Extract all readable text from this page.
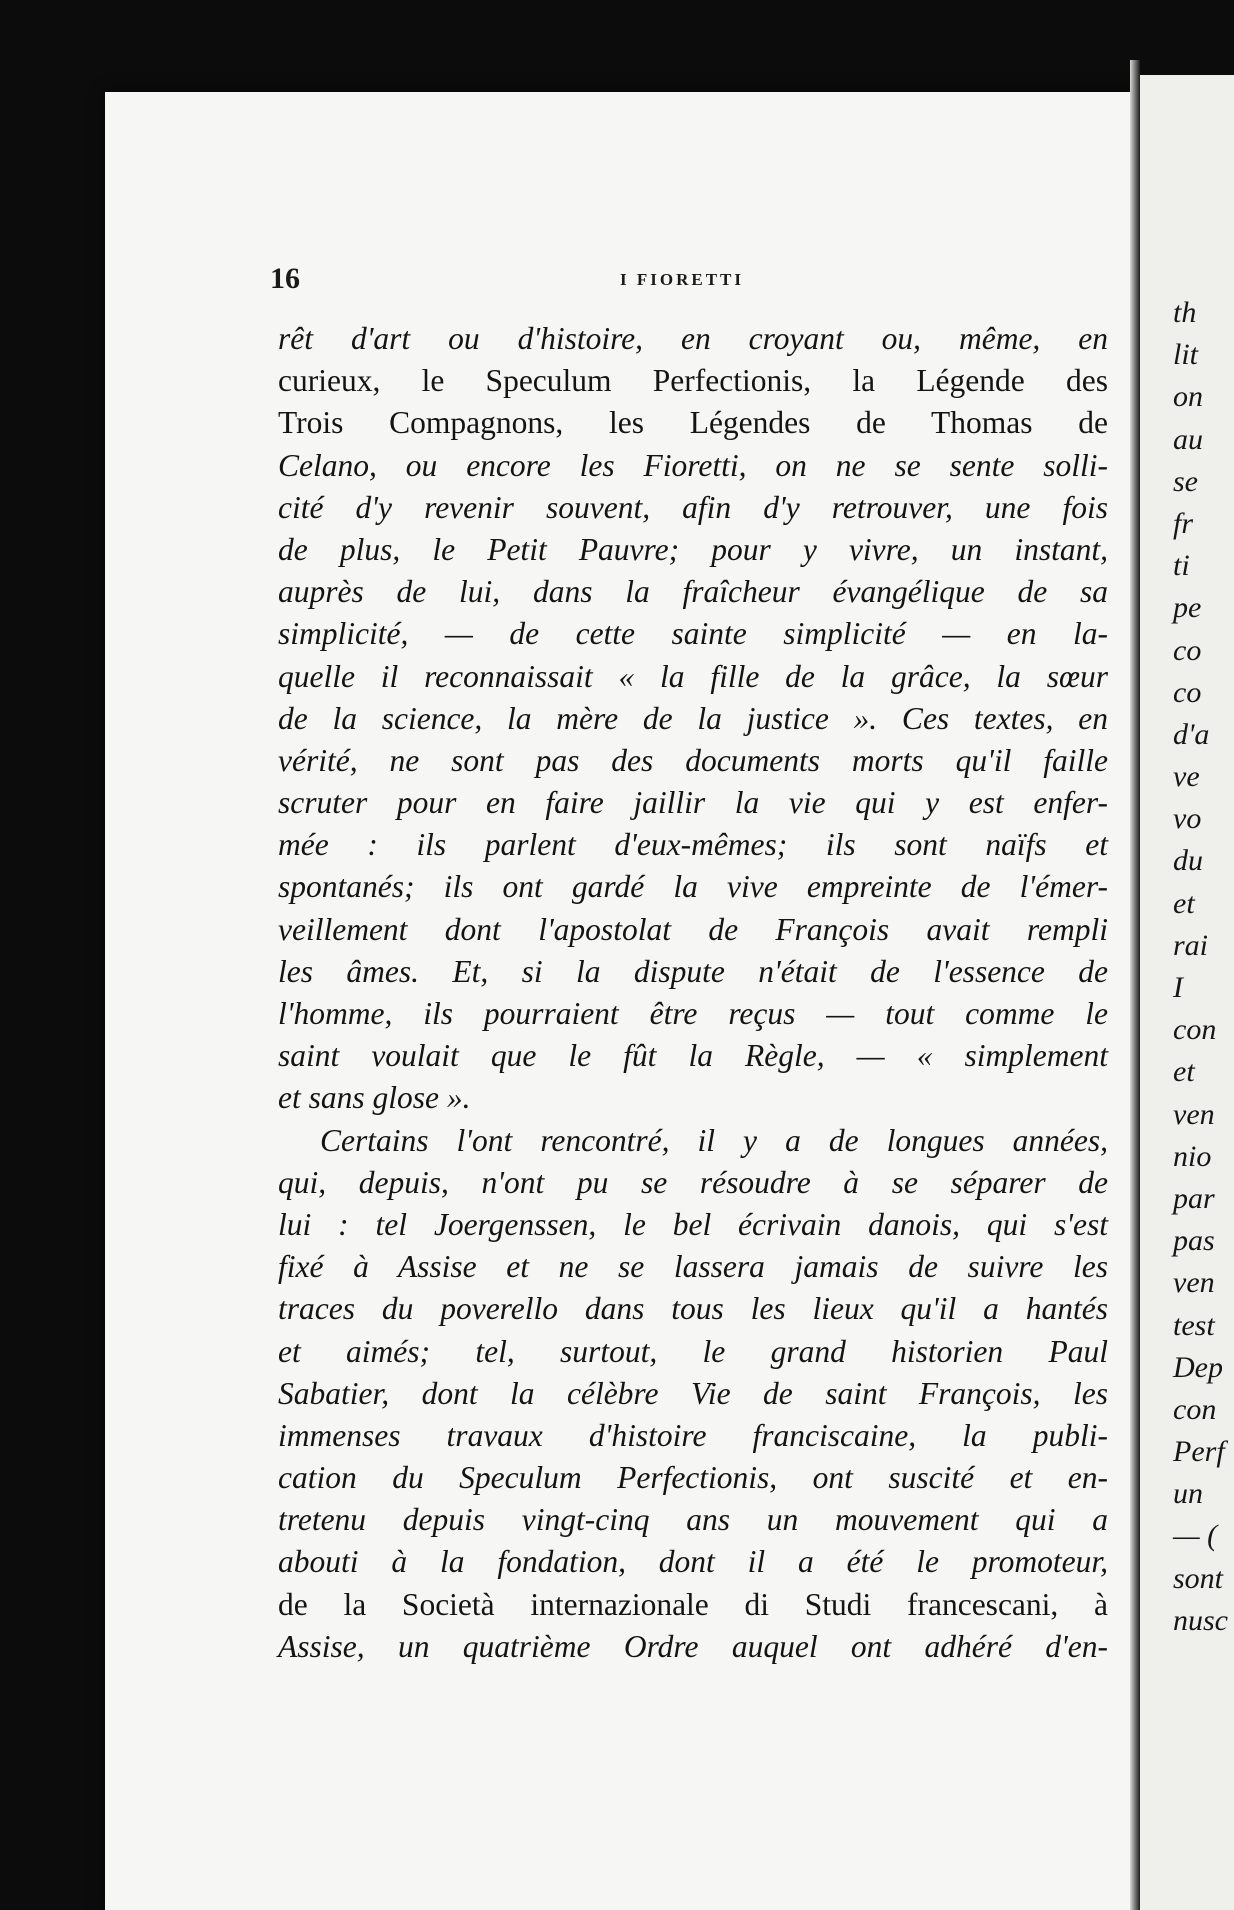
16	I FIORETTI
rêt d'art ou d'histoire, en croyant ou, même, en
curieux, le Speculum Perfectionis, la Légende des
Trois Compagnons, les Légendes de Thomas de
Celano, ou encore les Fioretti, on ne se sente solli-
cité d'y revenir souvent, afin d'y retrouver, une fois
de plus, le Petit Pauvre; pour y vivre, un instant,
auprès de lui, dans la fraîcheur évangélique de sa
simplicité, — de cette sainte simplicité — en la-
quelle il reconnaissait « la fille de la grâce, la sœur
de la science, la mère de la justice ». Ces textes, en
vérité, ne sont pas des documents morts qu'il faille
scruter pour en faire jaillir la vie qui y est enfer-
mée : ils parlent d'eux-mêmes; ils sont naïfs et
spontanés; ils ont gardé la vive empreinte de l'émer-
veillement dont l'apostolat de François avait rempli
les âmes. Et, si la dispute n'était de l'essence de
l'homme, ils pourraient être reçus — tout comme le
saint voulait que le fût la Règle, — « simplement
et sans glose ».
Certains l'ont rencontré, il y a de longues années,
qui, depuis, n'ont pu se résoudre à se séparer de
lui : tel Joergenssen, le bel écrivain danois, qui s'est
fixé à Assise et ne se lassera jamais de suivre les
traces du poverello dans tous les lieux qu'il a hantés
et aimés; tel, surtout, le grand historien Paul
Sabatier, dont la célèbre Vie de saint François, les
immenses travaux d'histoire franciscaine, la publi-
cation du Speculum Perfectionis, ont suscité et en-
tretenu depuis vingt-cinq ans un mouvement qui a
abouti à la fondation, dont il a été le promoteur,
de la Società internazionale di Studi francescani, à
Assise, un quatrième Ordre auquel ont adhéré d'en-
th
lit
on
au
se
fr
ti
pe
co
co
d'a
ve
vo
du
et
rai
I
con
et
ven
nio
par
pas
ven
test
Dep
con
Perf
un
— (
sont
nusc
